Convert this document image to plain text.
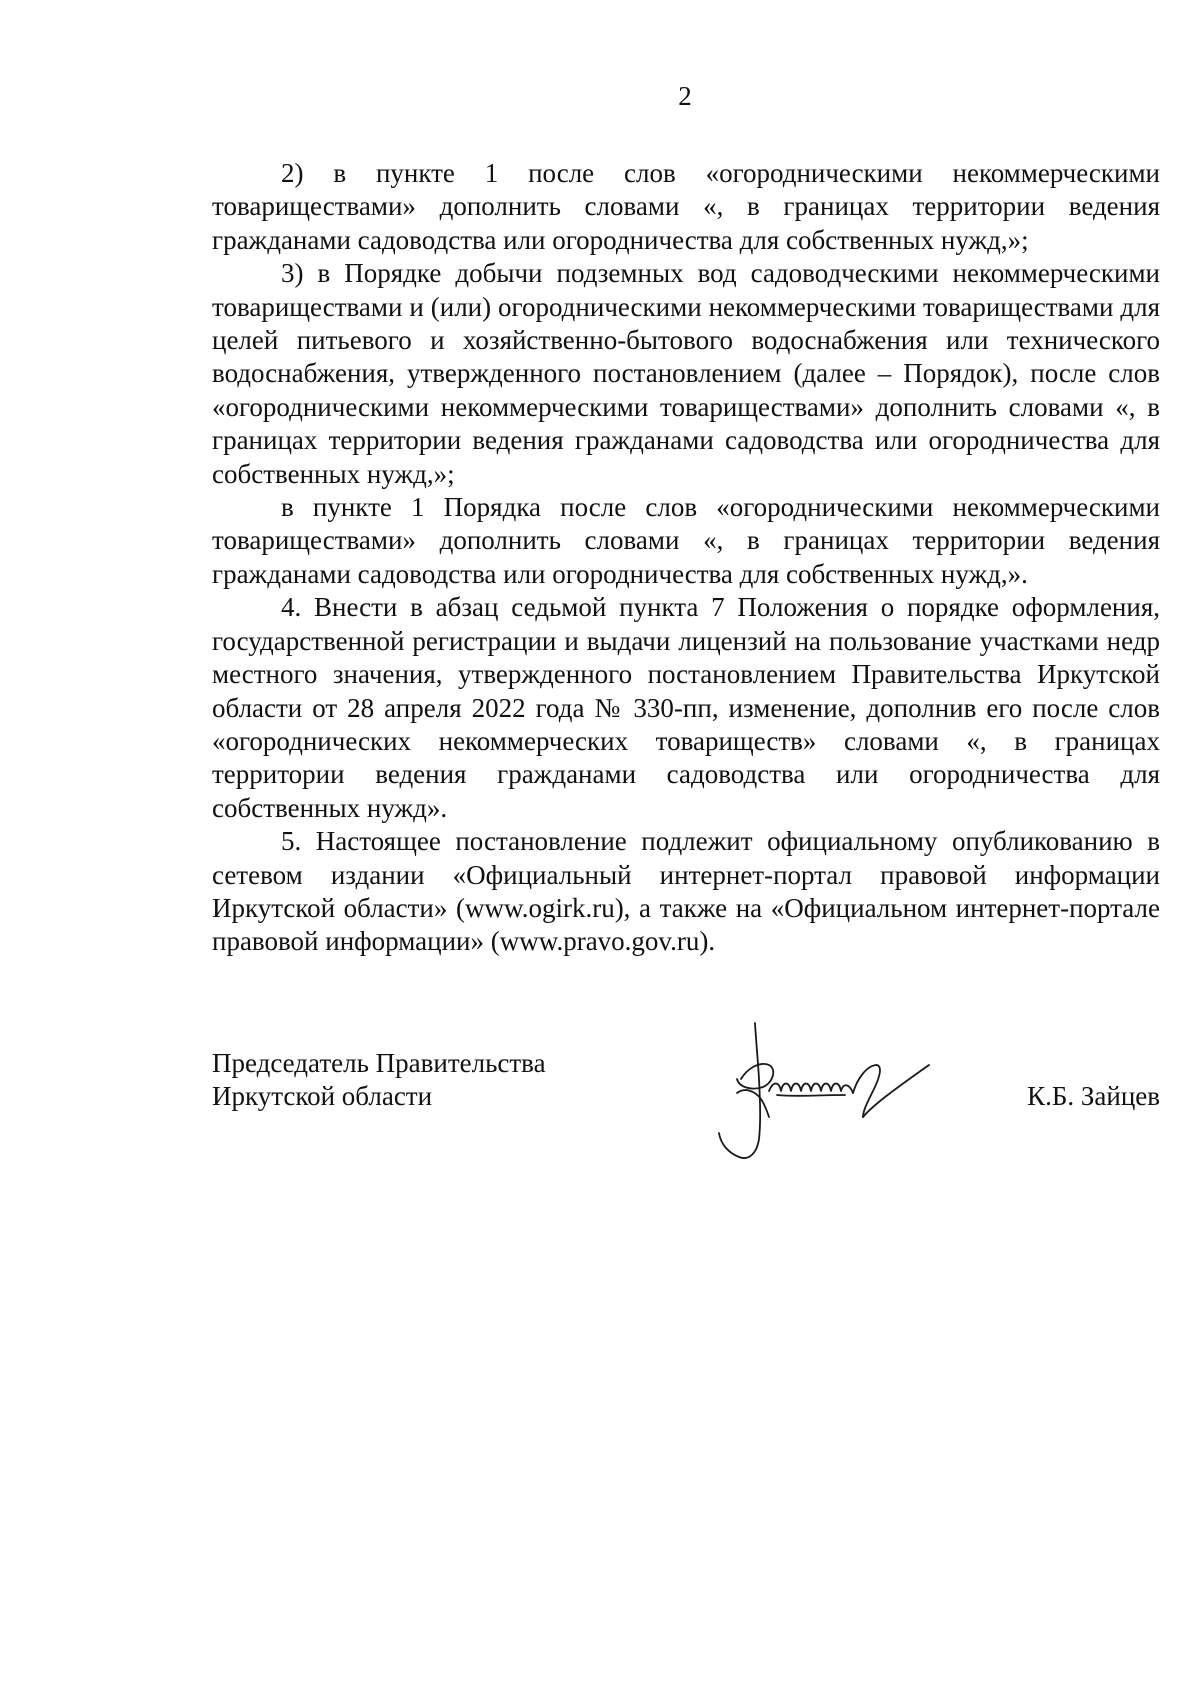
2

2) в пункте 1 после слов «огородническими некоммерческими товариществами» дополнить словами «, в границах территории ведения гражданами садоводства или огородничества для собственных нужд,»;

3) в Порядке добычи подземных вод садоводческими некоммерческими товариществами и (или) огородническими некоммерческими товариществами для целей питьевого и хозяйственно-бытового водоснабжения или технического водоснабжения, утвержденного постановлением (далее – Порядок), после слов «огородническими некоммерческими товариществами» дополнить словами «, в границах территории ведения гражданами садоводства или огородничества для собственных нужд,»;

в пункте 1 Порядка после слов «огородническими некоммерческими товариществами» дополнить словами «, в границах территории ведения гражданами садоводства или огородничества для собственных нужд,».

4. Внести в абзац седьмой пункта 7 Положения о порядке оформления, государственной регистрации и выдачи лицензий на пользование участками недр местного значения, утвержденного постановлением Правительства Иркутской области от 28 апреля 2022 года № 330-пп, изменение, дополнив его после слов «огороднических некоммерческих товариществ» словами «, в границах территории ведения гражданами садоводства или огородничества для собственных нужд».

5. Настоящее постановление подлежит официальному опубликованию в сетевом издании «Официальный интернет-портал правовой информации Иркутской области» (www.ogirk.ru), а также на «Официальном интернет-портале правовой информации» (www.pravo.gov.ru).

Председатель Правительства
Иркутской области	К.Б. Зайцев
